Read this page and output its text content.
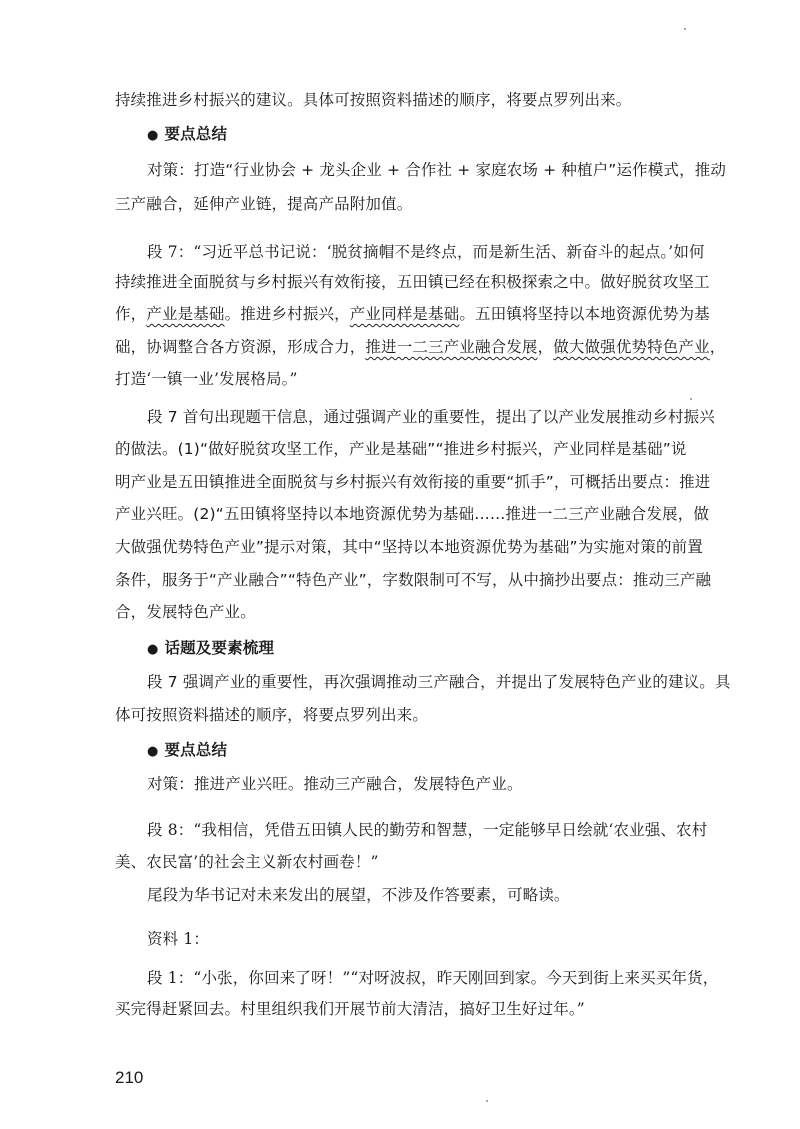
持续推进乡村振兴的建议。具体可按照资料描述的顺序，将要点罗列出来。
● 要点总结
对策：打造“行业协会 + 龙头企业 + 合作社 + 家庭农场 + 种植户”运作模式，推动
三产融合，延伸产业链，提高产品附加值。
段 7：“习近平总书记说：‘脱贫摘帽不是终点，而是新生活、新奋斗的起点。’如何
持续推进全面脱贫与乡村振兴有效衔接，五田镇已经在积极探索之中。做好脱贫攻坚工
作，产业是基础。推进乡村振兴，产业同样是基础。五田镇将坚持以本地资源优势为基
础，协调整合各方资源，形成合力，推进一二三产业融合发展，做大做强优势特色产业，
打造‘一镇一业’发展格局。”
段 7 首句出现题干信息，通过强调产业的重要性，提出了以产业发展推动乡村振兴
的做法。(1)“做好脱贫攻坚工作，产业是基础”“推进乡村振兴，产业同样是基础”说
明产业是五田镇推进全面脱贫与乡村振兴有效衔接的重要“抓手”，可概括出要点：推进
产业兴旺。(2)“五田镇将坚持以本地资源优势为基础……推进一二三产业融合发展，做
大做强优势特色产业”提示对策，其中“坚持以本地资源优势为基础”为实施对策的前置
条件，服务于“产业融合”“特色产业”，字数限制可不写，从中摘抄出要点：推动三产融
合，发展特色产业。
● 话题及要素梳理
段 7 强调产业的重要性，再次强调推动三产融合，并提出了发展特色产业的建议。具
体可按照资料描述的顺序，将要点罗列出来。
● 要点总结
对策：推进产业兴旺。推动三产融合，发展特色产业。
段 8：“我相信，凭借五田镇人民的勤劳和智慧，一定能够早日绘就‘农业强、农村
美、农民富’的社会主义新农村画卷！”
尾段为华书记对未来发出的展望，不涉及作答要素，可略读。
资料 1：
段 1：“小张，你回来了呀！”“对呀波叔，昨天刚回到家。今天到街上来买买年货，
买完得赶紧回去。村里组织我们开展节前大清洁，搞好卫生好过年。”
210
